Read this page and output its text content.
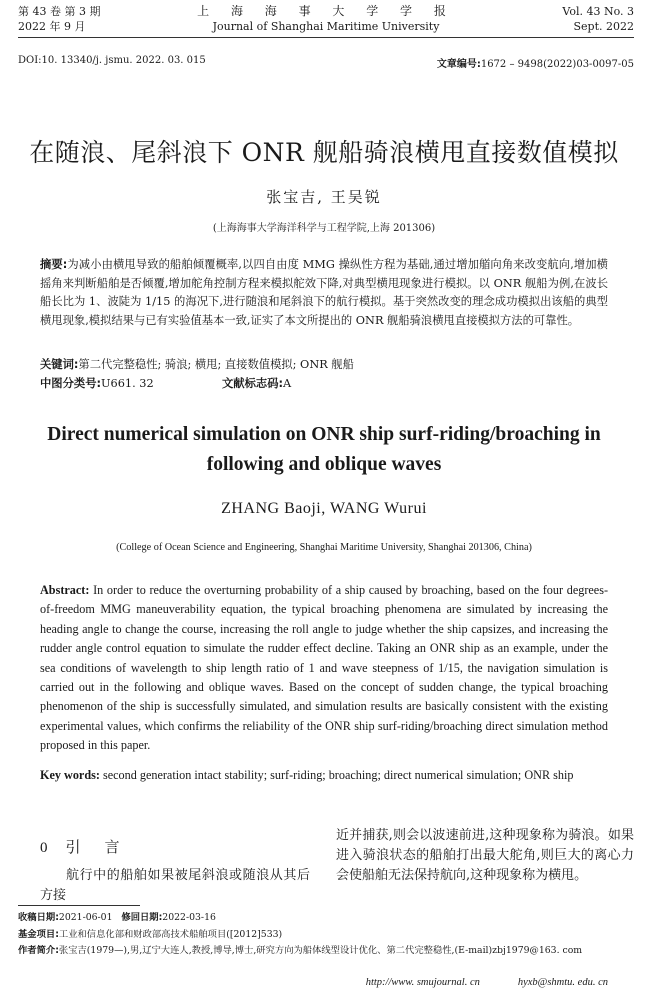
第 43 卷 第 3 期
2022 年 9 月
上 海 海 事 大 学 学 报
Journal of Shanghai Maritime University
Vol. 43 No. 3
Sept. 2022
DOI:10. 13340/j. jsmu. 2022. 03. 015	文章编号:1672 – 9498(2022)03-0097-05
在随浪、尾斜浪下 ONR 舰船骑浪横甩直接数值模拟
张宝吉, 王吴锐
(上海海事大学海洋科学与工程学院,上海 201306)
摘要:为减小由横甩导致的船舶倾覆概率,以四自由度 MMG 操纵性方程为基础,通过增加艏向角来改变航向,增加横摇角来判断船舶是否倾覆,增加舵角控制方程来模拟舵效下降,对典型横甩现象进行模拟。以 ONR 舰船为例,在波长船长比为 1、波陡为 1/15 的海况下,进行随浪和尾斜浪下的航行模拟。基于突然改变的理念成功模拟出该船的典型横甩现象,模拟结果与已有实验值基本一致,证实了本文所提出的 ONR 舰船骑浪横甩直接模拟方法的可靠性。
关键词:第二代完整稳性; 骑浪; 横甩; 直接数值模拟; ONR 舰船
中图分类号:U661. 32	文献标志码:A
Direct numerical simulation on ONR ship surf-riding/broaching in following and oblique waves
ZHANG Baoji, WANG Wurui
(College of Ocean Science and Engineering, Shanghai Maritime University, Shanghai 201306, China)
Abstract: In order to reduce the overturning probability of a ship caused by broaching, based on the four degrees-of-freedom MMG maneuverability equation, the typical broaching phenomena are simulated by increasing the heading angle to change the course, increasing the roll angle to judge whether the ship capsizes, and increasing the rudder angle control equation to simulate the rudder effect decline. Taking an ONR ship as an example, under the sea conditions of wavelength to ship length ratio of 1 and wave steepness of 1/15, the navigation simulation is carried out in the following and oblique waves. Based on the concept of sudden change, the typical broaching phenomenon of the ship is successfully simulated, and simulation results are basically consistent with the existing experimental values, which confirms the reliability of the ONR ship surf-riding/broaching direct simulation method proposed in this paper.
Key words: second generation intact stability; surf-riding; broaching; direct numerical simulation; ONR ship
0 引 言
航行中的船舶如果被尾斜浪或随浪从其后方接
近并捕获,则会以波速前进,这种现象称为骑浪。如果进入骑浪状态的船舶打出最大舵角,则巨大的离心力会使船舶无法保持航向,这种现象称为横甩。
收稿日期:2021-06-01 修回日期:2022-03-16
基金项目:工业和信息化部和财政部高技术船舶项目([2012]533)
作者简介:张宝吉(1979—),男,辽宁大连人,教授,博导,博士,研究方向为船体线型设计优化、第二代完整稳性,(E-mail)zbj1979@163. com
http://www. smujournal. cn	hyxb@shmtu. edu. cn
